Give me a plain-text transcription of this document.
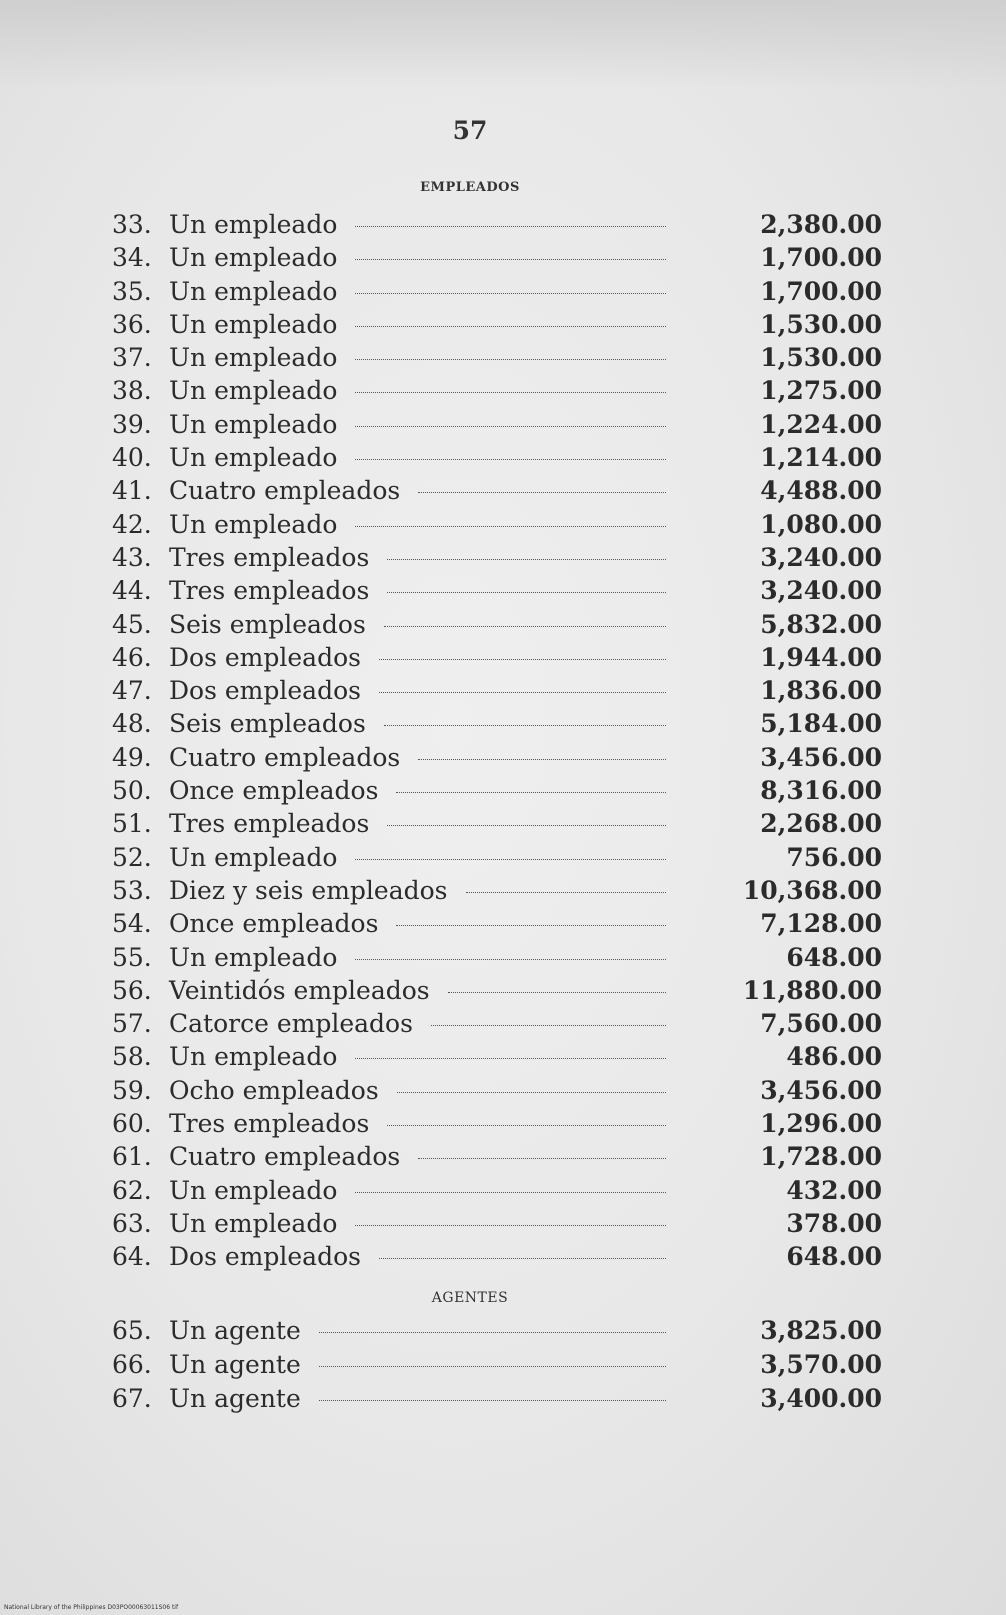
57
EMPLEADOS
33. Un empleado	2,380.00
34. Un empleado	1,700.00
35. Un empleado	1,700.00
36. Un empleado	1,530.00
37. Un empleado	1,530.00
38. Un empleado	1,275.00
39. Un empleado	1,224.00
40. Un empleado	1,214.00
41. Cuatro empleados	4,488.00
42. Un empleado	1,080.00
43. Tres empleados	3,240.00
44. Tres empleados	3,240.00
45. Seis empleados	5,832.00
46. Dos empleados	1,944.00
47. Dos empleados	1,836.00
48. Seis empleados	5,184.00
49. Cuatro empleados	3,456.00
50. Once empleados	8,316.00
51. Tres empleados	2,268.00
52. Un empleado	756.00
53. Diez y seis empleados	10,368.00
54. Once empleados	7,128.00
55. Un empleado	648.00
56. Veintidós empleados	11,880.00
57. Catorce empleados	7,560.00
58. Un empleado	486.00
59. Ocho empleados	3,456.00
60. Tres empleados	1,296.00
61. Cuatro empleados	1,728.00
62. Un empleado	432.00
63. Un empleado	378.00
64. Dos empleados	648.00
AGENTES
65. Un agente	3,825.00
66. Un agente	3,570.00
67. Un agente	3,400.00
National Library of the Philippines D03PO00063011S06 tif
